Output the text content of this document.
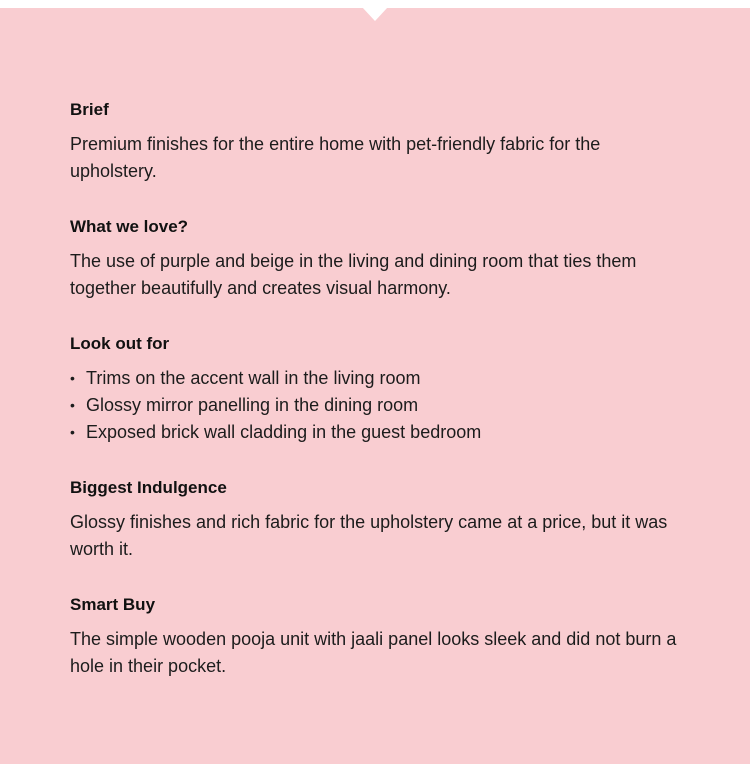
Brief

Premium finishes for the entire home with pet-friendly fabric for the upholstery.

What we love?

The use of purple and beige in the living and dining room that ties them together beautifully and creates visual harmony.

Look out for
• Trims on the accent wall in the living room
• Glossy mirror panelling in the dining room
• Exposed brick wall cladding in the guest bedroom
Biggest Indulgence

Glossy finishes and rich fabric for the upholstery came at a price, but it was worth it.

Smart Buy

The simple wooden pooja unit with jaali panel looks sleek and did not burn a hole in their pocket.
